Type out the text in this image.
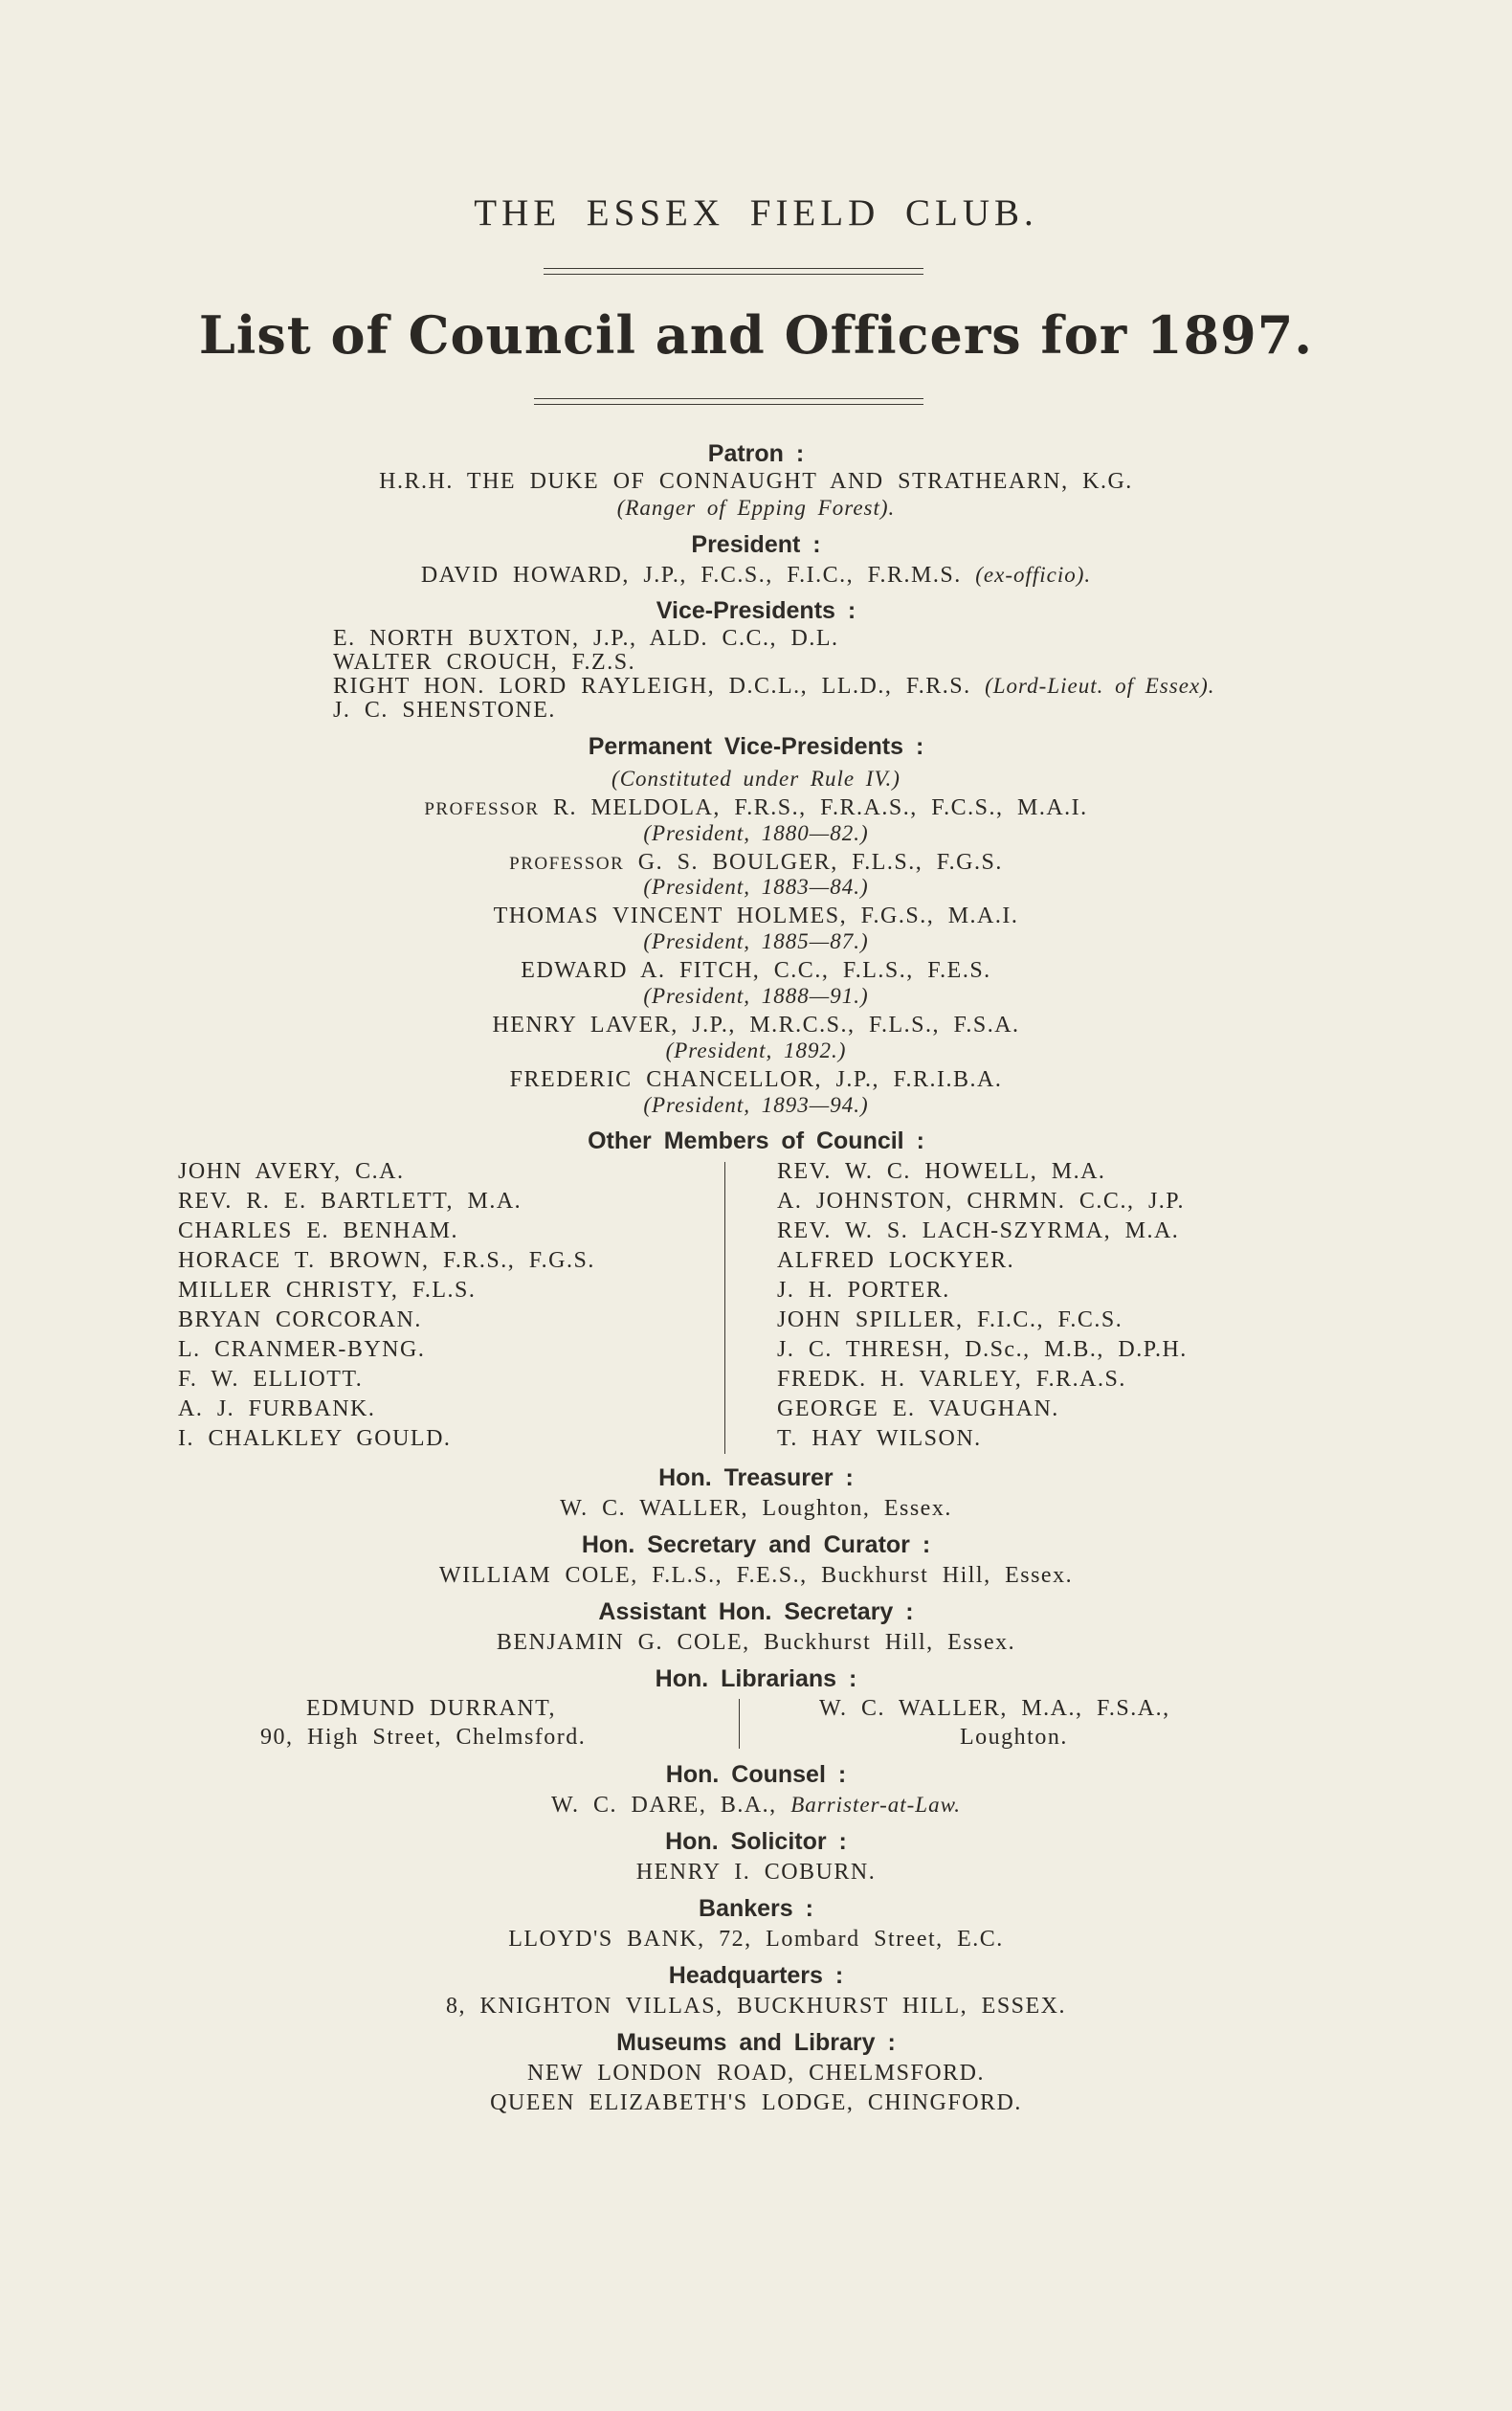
THE ESSEX FIELD CLUB.
List of Council and Officers for 1897.
Patron :
H.R.H. THE DUKE OF CONNAUGHT AND STRATHEARN, K.G.
(Ranger of Epping Forest).
President :
DAVID HOWARD, J.P., F.C.S., F.I.C., F.R.M.S. (ex-officio).
Vice-Presidents :
E. NORTH BUXTON, J.P., ALD. C.C., D.L.
WALTER CROUCH, F.Z.S.
RIGHT HON. LORD RAYLEIGH, D.C.L., LL.D., F.R.S. (Lord-Lieut. of Essex).
J. C. SHENSTONE.
Permanent Vice-Presidents :
(Constituted under Rule IV.)
PROFESSOR R. MELDOLA, F.R.S., F.R.A.S., F.C.S., M.A.I.
(President, 1880—82.)
PROFESSOR G. S. BOULGER, F.L.S., F.G.S.
(President, 1883—84.)
THOMAS VINCENT HOLMES, F.G.S., M.A.I.
(President, 1885—87.)
EDWARD A. FITCH, C.C., F.L.S., F.E.S.
(President, 1888—91.)
HENRY LAVER, J.P., M.R.C.S., F.L.S., F.S.A.
(President, 1892.)
FREDERIC CHANCELLOR, J.P., F.R.I.B.A.
(President, 1893—94.)
Other Members of Council :
JOHN AVERY, C.A.
REV. R. E. BARTLETT, M.A.
CHARLES E. BENHAM.
HORACE T. BROWN, F.R.S., F.G.S.
MILLER CHRISTY, F.L.S.
BRYAN CORCORAN.
L. CRANMER-BYNG.
F. W. ELLIOTT.
A. J. FURBANK.
I. CHALKLEY GOULD.
REV. W. C. HOWELL, M.A.
A. JOHNSTON, CHRMN. C.C., J.P.
REV. W. S. LACH-SZYRMA, M.A.
ALFRED LOCKYER.
J. H. PORTER.
JOHN SPILLER, F.I.C., F.C.S.
J. C. THRESH, D.Sc., M.B., D.P.H.
FREDK. H. VARLEY, F.R.A.S.
GEORGE E. VAUGHAN.
T. HAY WILSON.
Hon. Treasurer :
W. C. WALLER, Loughton, Essex.
Hon. Secretary and Curator :
WILLIAM COLE, F.L.S., F.E.S., Buckhurst Hill, Essex.
Assistant Hon. Secretary :
BENJAMIN G. COLE, Buckhurst Hill, Essex.
Hon. Librarians :
EDMUND DURRANT,
90, High Street, Chelmsford.
W. C. WALLER, M.A., F.S.A.,
Loughton.
Hon. Counsel :
W. C. DARE, B.A., Barrister-at-Law.
Hon. Solicitor :
HENRY I. COBURN.
Bankers :
LLOYD'S BANK, 72, Lombard Street, E.C.
Headquarters :
8, KNIGHTON VILLAS, BUCKHURST HILL, ESSEX.
Museums and Library :
NEW LONDON ROAD, CHELMSFORD.
QUEEN ELIZABETH'S LODGE, CHINGFORD.
